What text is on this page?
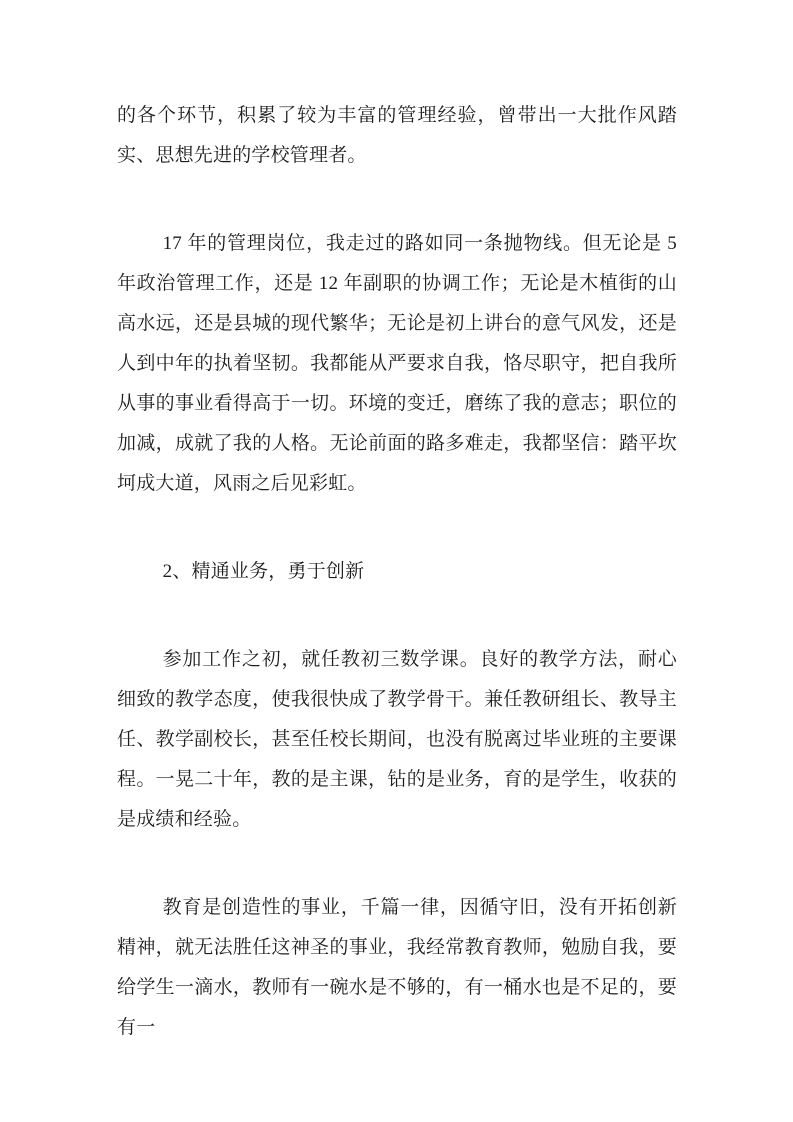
的各个环节，积累了较为丰富的管理经验，曾带出一大批作风踏实、思想先进的学校管理者。

17 年的管理岗位，我走过的路如同一条抛物线。但无论是 5 年政治管理工作，还是 12 年副职的协调工作；无论是木植街的山高水远，还是县城的现代繁华；无论是初上讲台的意气风发，还是人到中年的执着坚韧。我都能从严要求自我，恪尽职守，把自我所从事的事业看得高于一切。环境的变迁，磨练了我的意志；职位的加减，成就了我的人格。无论前面的路多难走，我都坚信：踏平坎坷成大道，风雨之后见彩虹。

2、精通业务，勇于创新

参加工作之初，就任教初三数学课。良好的教学方法，耐心细致的教学态度，使我很快成了教学骨干。兼任教研组长、教导主任、教学副校长，甚至任校长期间，也没有脱离过毕业班的主要课程。一晃二十年，教的是主课，钻的是业务，育的是学生，收获的是成绩和经验。

教育是创造性的事业，千篇一律，因循守旧，没有开拓创新精神，就无法胜任这神圣的事业，我经常教育教师，勉励自我，要给学生一滴水，教师有一碗水是不够的，有一桶水也是不足的，要有一
